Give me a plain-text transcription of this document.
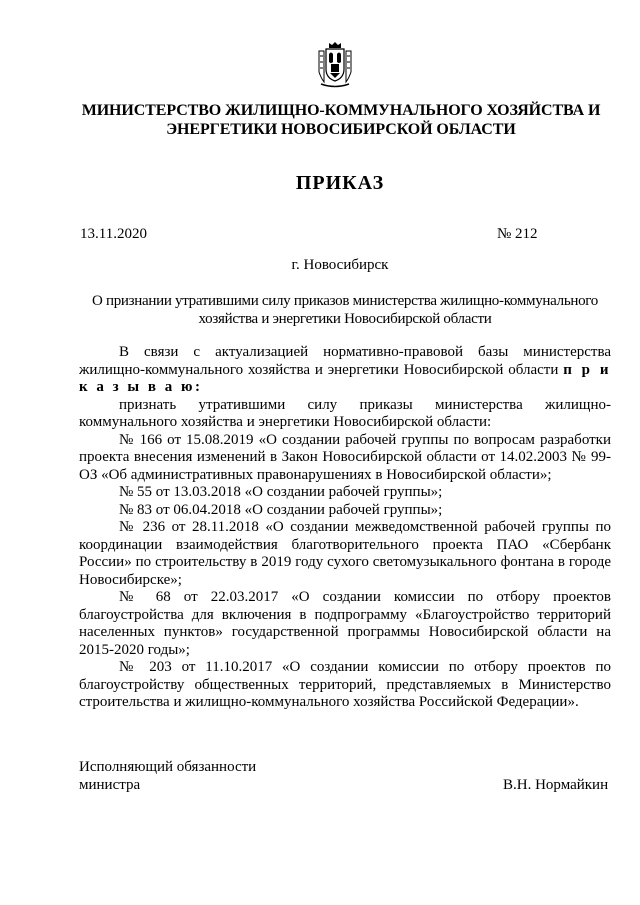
МИНИСТЕРСТВО ЖИЛИЩНО-КОММУНАЛЬНОГО ХОЗЯЙСТВА И
ЭНЕРГЕТИКИ НОВОСИБИРСКОЙ ОБЛАСТИ
ПРИКАЗ
13.11.2020	№ 212
г. Новосибирск
О признании утратившими силу приказов министерства жилищно-коммунального хозяйства и энергетики Новосибирской области

В связи с актуализацией нормативно-правовой базы министерства жилищно-коммунального хозяйства и энергетики Новосибирской области п р и к а з ы в а ю:

признать утратившими силу приказы министерства жилищно-коммунального хозяйства и энергетики Новосибирской области:

№ 166 от 15.08.2019 «О создании рабочей группы по вопросам разработки проекта внесения изменений в Закон Новосибирской области от 14.02.2003 № 99-ОЗ «Об административных правонарушениях в Новосибирской области»;

№ 55 от 13.03.2018 «О создании рабочей группы»;

№ 83 от 06.04.2018 «О создании рабочей группы»;

№ 236 от 28.11.2018 «О создании межведомственной рабочей группы по координации взаимодействия благотворительного проекта ПАО «Сбербанк России» по строительству в 2019 году сухого светомузыкального фонтана в городе Новосибирске»;

№ 68 от 22.03.2017 «О создании комиссии по отбору проектов благоустройства для включения в подпрограмму «Благоустройство территорий населенных пунктов» государственной программы Новосибирской области на 2015-2020 годы»;

№ 203 от 11.10.2017 «О создании комиссии по отбору проектов по благоустройству общественных территорий, представляемых в Министерство строительства и жилищно-коммунального хозяйства Российской Федерации».

Исполняющий обязанности
министра	В.Н. Нормайкин
